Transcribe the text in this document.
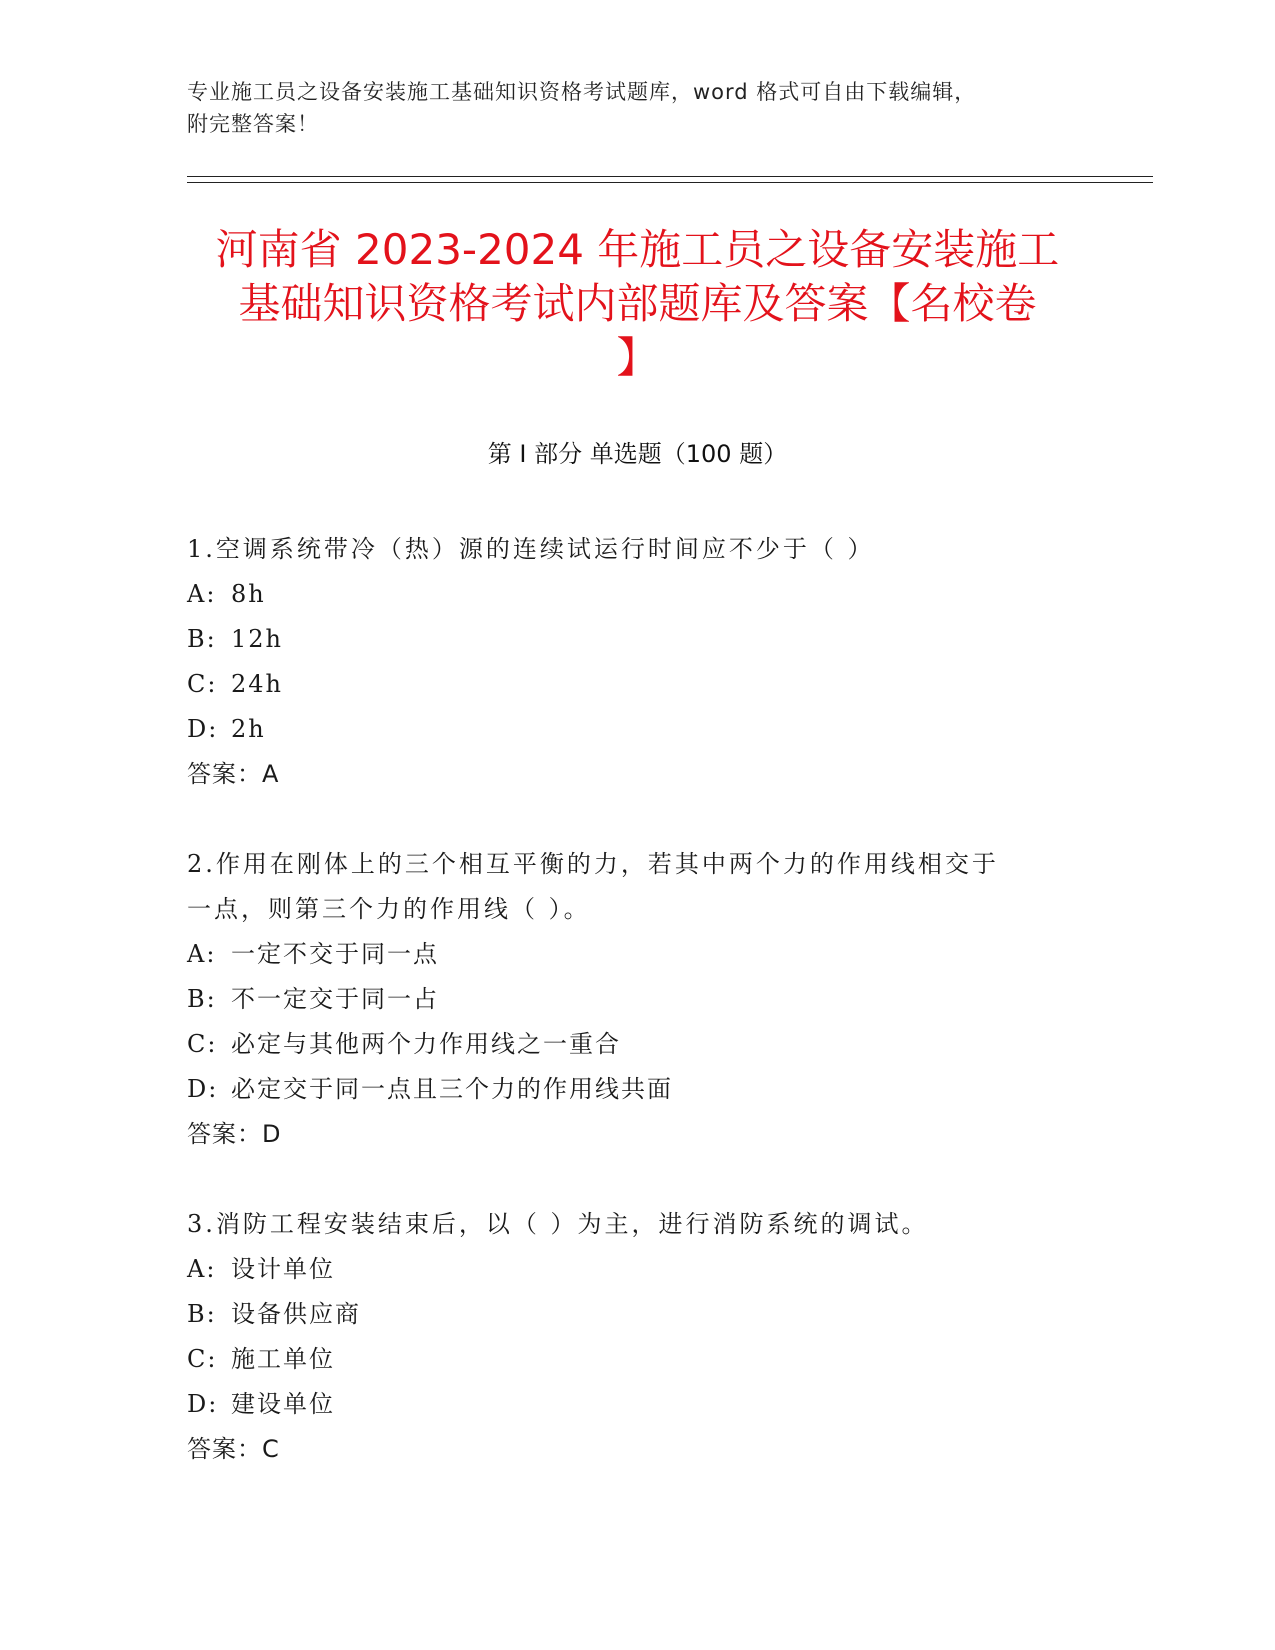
专业施工员之设备安装施工基础知识资格考试题库，word 格式可自由下载编辑，
附完整答案！
河南省 2023-2024 年施工员之设备安装施工
基础知识资格考试内部题库及答案【名校卷
】
第 I 部分 单选题（100 题）
1.空调系统带冷（热）源的连续试运行时间应不少于（ ）
A: 8h
B: 12h
C: 24h
D: 2h
答案：A
2.作用在刚体上的三个相互平衡的力，若其中两个力的作用线相交于
一点，则第三个力的作用线（ ）。
A: 一定不交于同一点
B: 不一定交于同一占
C: 必定与其他两个力作用线之一重合
D: 必定交于同一点且三个力的作用线共面
答案：D
3.消防工程安装结束后，以（ ）为主，进行消防系统的调试。
A: 设计单位
B: 设备供应商
C: 施工单位
D: 建设单位
答案：C
